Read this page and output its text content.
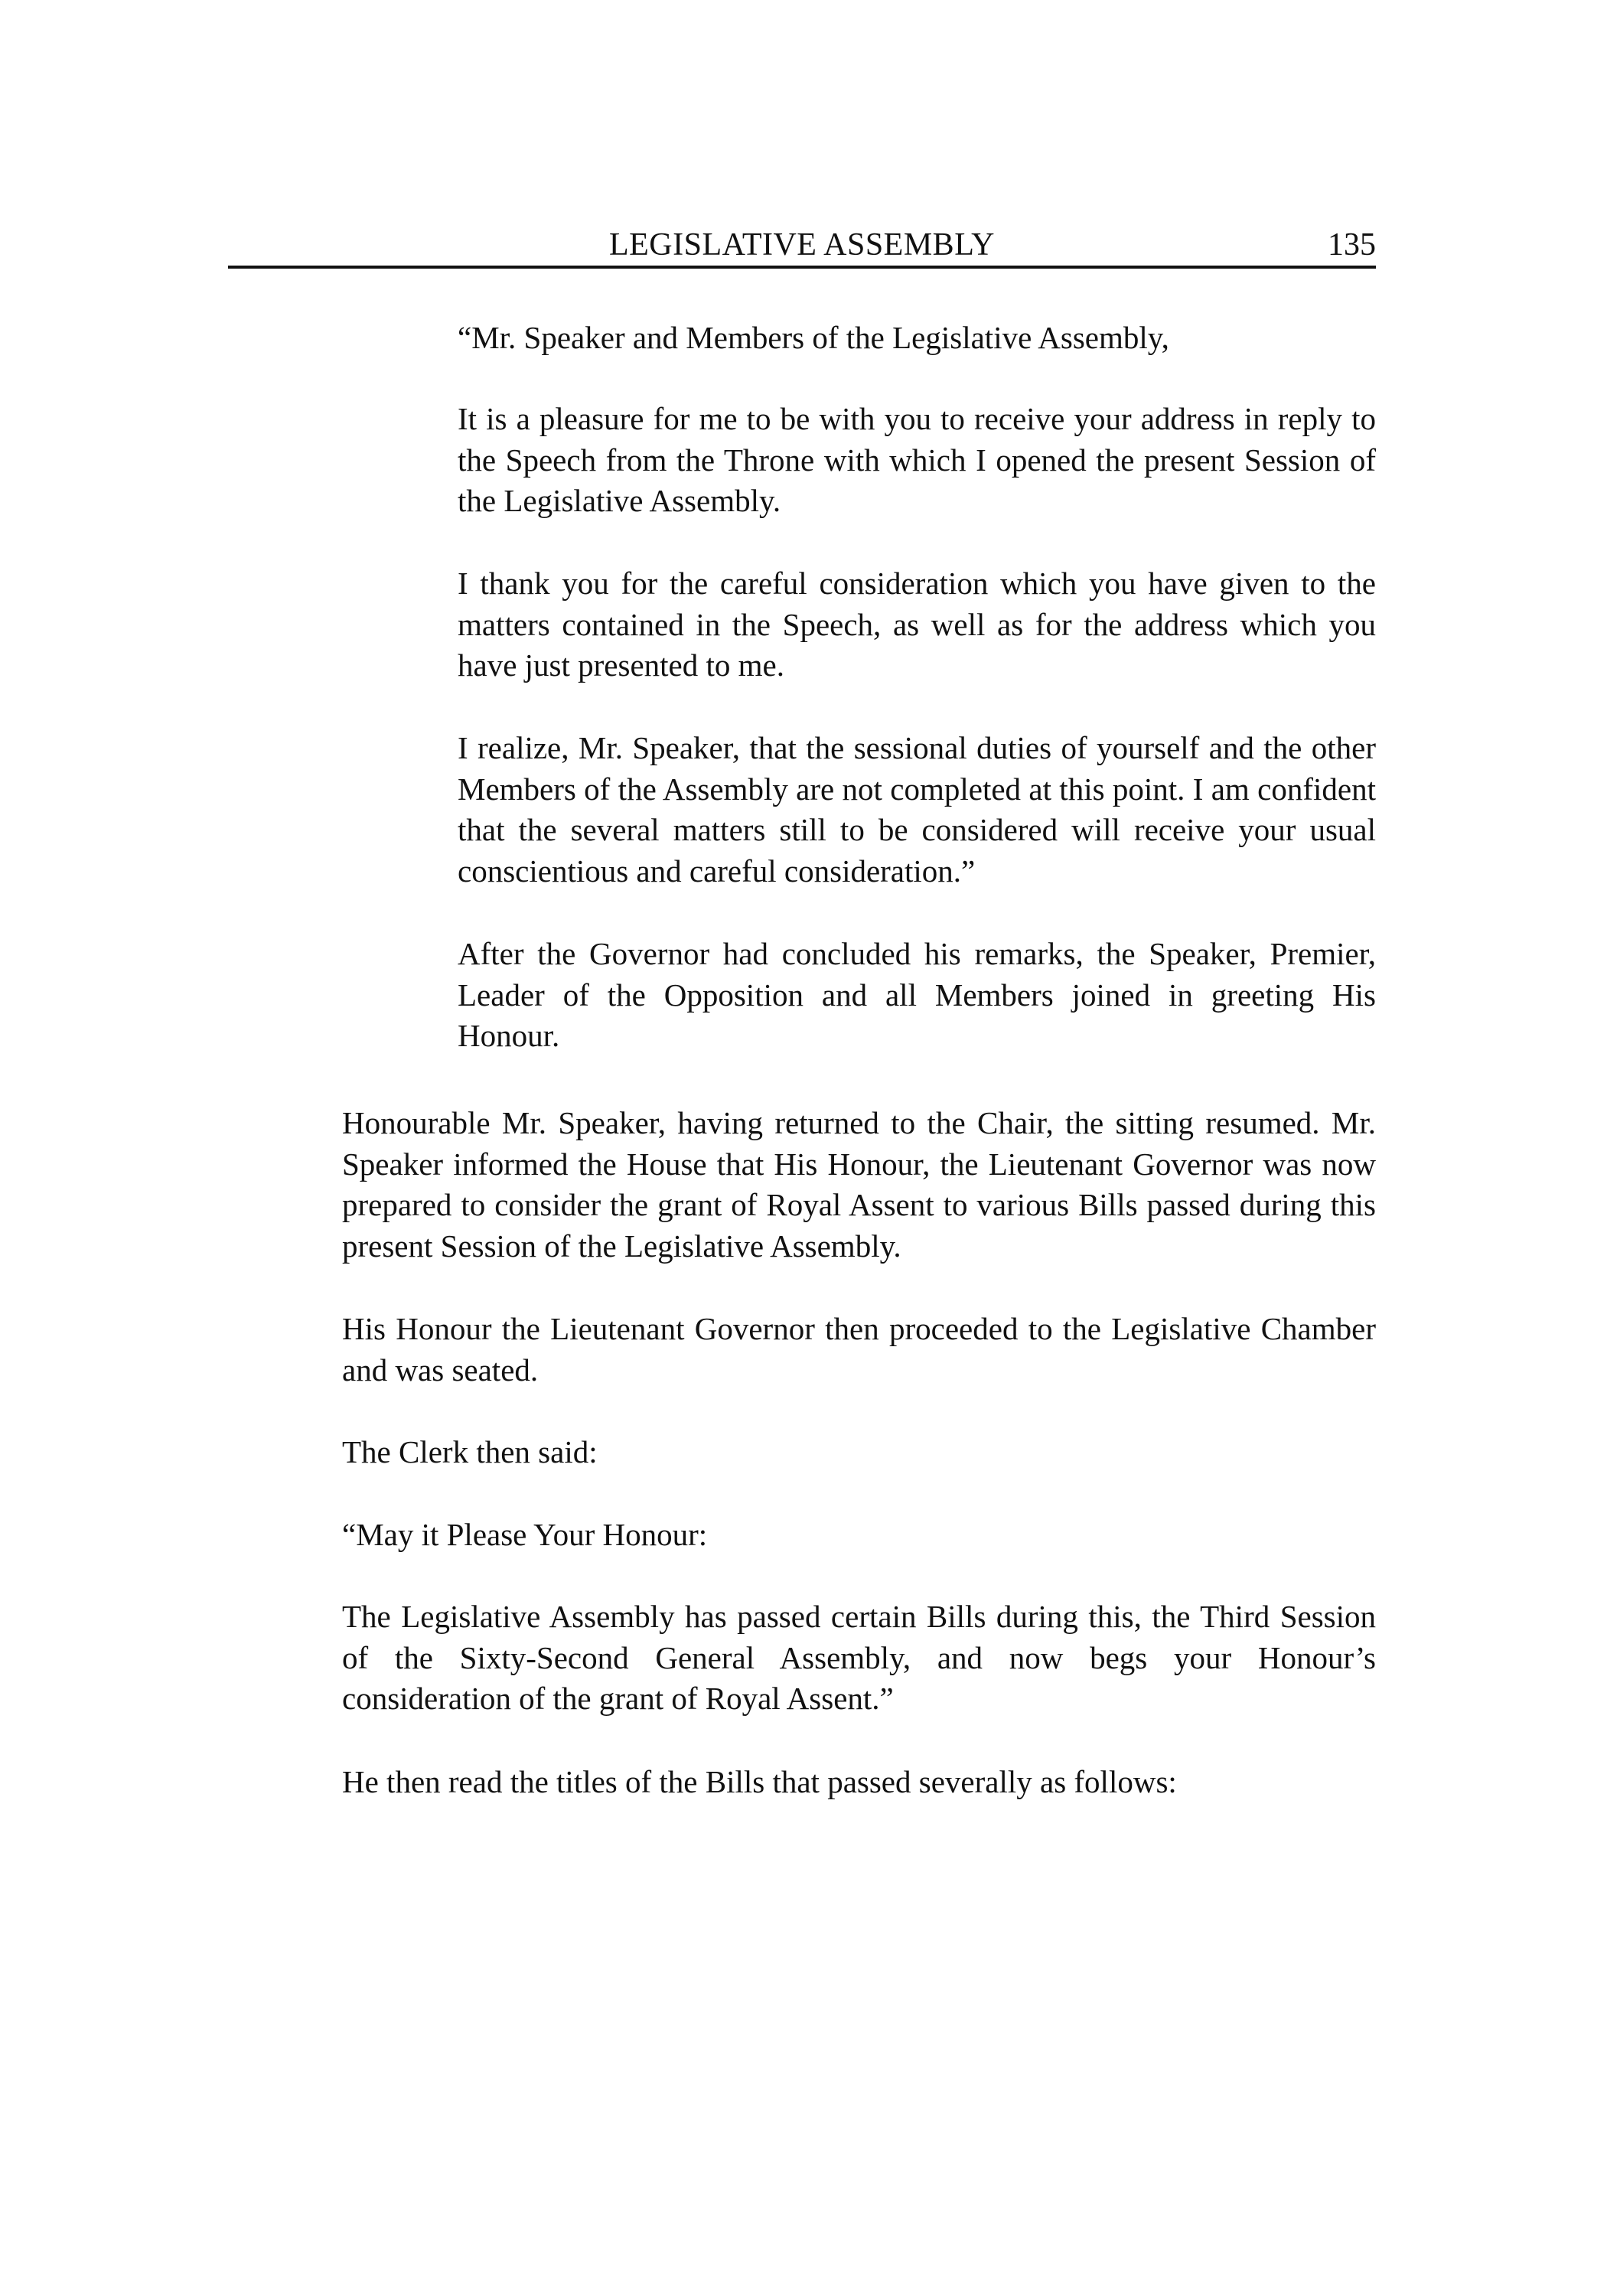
LEGISLATIVE ASSEMBLY	135

“Mr. Speaker and Members of the Legislative Assembly,

It is a pleasure for me to be with you to receive your address in reply to the Speech from the Throne with which I opened the present Session of the Legislative Assembly.

I thank you for the careful consideration which you have given to the matters contained in the Speech, as well as for the address which you have just presented to me.

I realize, Mr. Speaker, that the sessional duties of yourself and the other Members of the Assembly are not completed at this point. I am confident that the several matters still to be considered will receive your usual conscientious and careful consideration.”

After the Governor had concluded his remarks, the Speaker, Premier, Leader of the Opposition and all Members joined in greeting His Honour.

Honourable Mr. Speaker, having returned to the Chair, the sitting resumed. Mr. Speaker informed the House that His Honour, the Lieutenant Governor was now prepared to consider the grant of Royal Assent to various Bills passed during this present Session of the Legislative Assembly.

His Honour the Lieutenant Governor then proceeded to the Legislative Chamber and was seated.

The Clerk then said:

“May it Please Your Honour:

The Legislative Assembly has passed certain Bills during this, the Third Session of the Sixty-Second General Assembly, and now begs your Honour’s consideration of the grant of Royal Assent.”

He then read the titles of the Bills that passed severally as follows:
